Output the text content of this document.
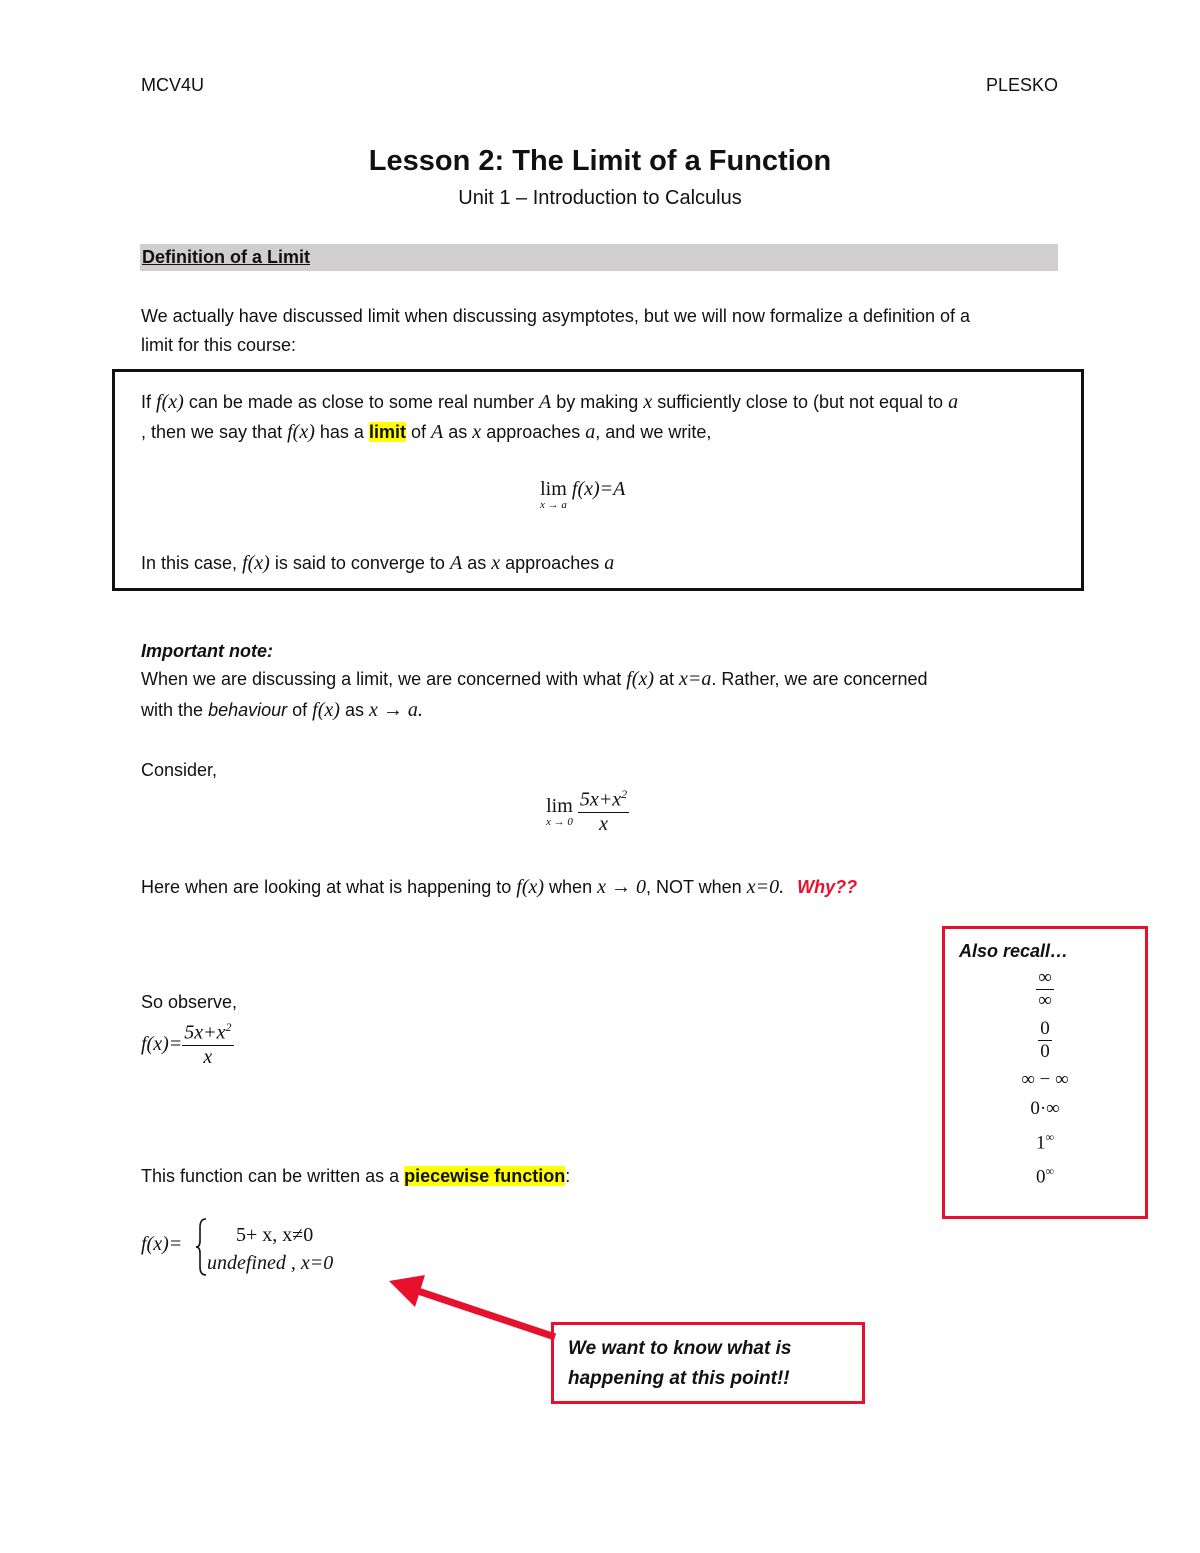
MCV4U	PLESKO
Lesson 2: The Limit of a Function
Unit 1 – Introduction to Calculus
Definition of a Limit
We actually have discussed limit when discussing asymptotes, but we will now formalize a definition of a
limit for this course:
If f(x) can be made as close to some real number A by making x sufficiently close to (but not equal to a
, then we say that f(x) has a limit of A as x approaches a, and we write,
lim
x → a
f(x)=A
In this case, f(x) is said to converge to A as x approaches a
Important note:
When we are discussing a limit, we are concerned with what f(x) at x=a. Rather, we are concerned
with the behaviour of f(x) as x → a.
Consider,
lim
x → 0
$\frac{5x+x^2}{x}$
Here when are looking at what is happening to f(x) when x → 0, NOT when x=0. Why??
Also recall…
$\frac{\infty}{\infty}$

$\frac{0}{0}$
∞ − ∞
0·∞
1∞
0∞
So observe,
$f(x)= \frac{5x+x^2}{x}$
This function can be written as a piecewise function:
f(x)=	5+ x, x≠0
undefined , x=0
We want to know what is
happening at this point!!
